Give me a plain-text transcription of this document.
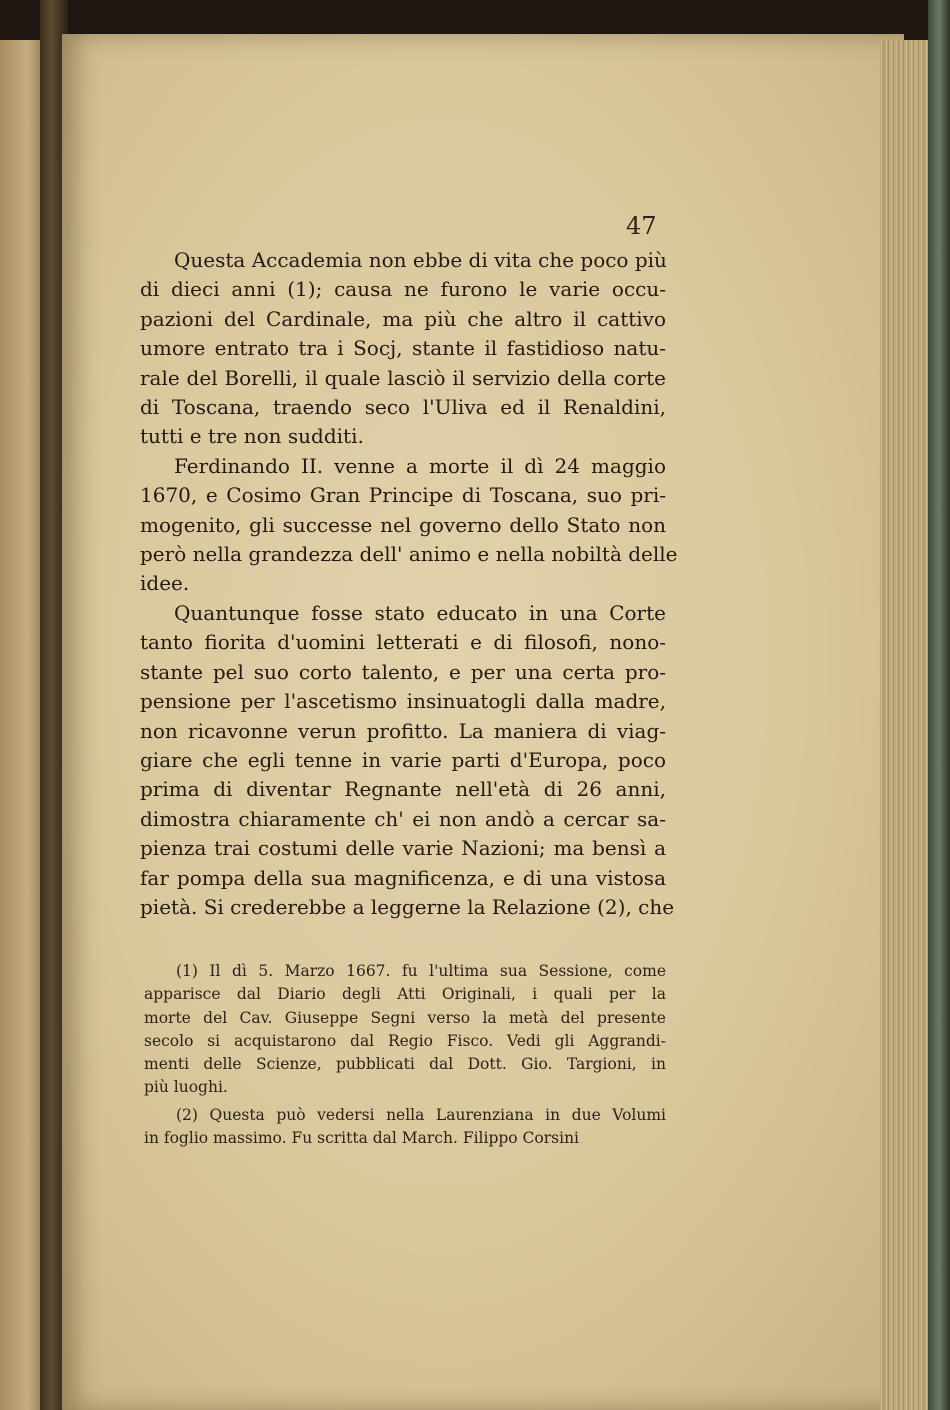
47
Questa Accademia non ebbe di vita che poco più
di dieci anni (1); causa ne furono le varie occu-
pazioni del Cardinale, ma più che altro il cattivo
umore entrato tra i Socj, stante il fastidioso natu-
rale del Borelli, il quale lasciò il servizio della corte
di Toscana, traendo seco l'Uliva ed il Renaldini,
tutti e tre non sudditi.
Ferdinando II. venne a morte il dì 24 maggio
1670, e Cosimo Gran Principe di Toscana, suo pri-
mogenito, gli successe nel governo dello Stato non
però nella grandezza dell' animo e nella nobiltà delle
idee.
Quantunque fosse stato educato in una Corte
tanto fiorita d'uomini letterati e di filosofi, nono-
stante pel suo corto talento, e per una certa pro-
pensione per l'ascetismo insinuatogli dalla madre,
non ricavonne verun profitto. La maniera di viag-
giare che egli tenne in varie parti d'Europa, poco
prima di diventar Regnante nell'età di 26 anni,
dimostra chiaramente ch' ei non andò a cercar sa-
pienza trai costumi delle varie Nazioni; ma bensì a
far pompa della sua magnificenza, e di una vistosa
pietà. Si crederebbe a leggerne la Relazione (2), che
(1) Il dì 5. Marzo 1667. fu l'ultima sua Sessione, come
apparisce dal Diario degli Atti Originali, i quali per la
morte del Cav. Giuseppe Segni verso la metà del presente
secolo si acquistarono dal Regio Fisco. Vedi gli Aggrandi-
menti delle Scienze, pubblicati dal Dott. Gio. Targioni, in
più luoghi.
(2) Questa può vedersi nella Laurenziana in due Volumi
in foglio massimo. Fu scritta dal March. Filippo Corsini
